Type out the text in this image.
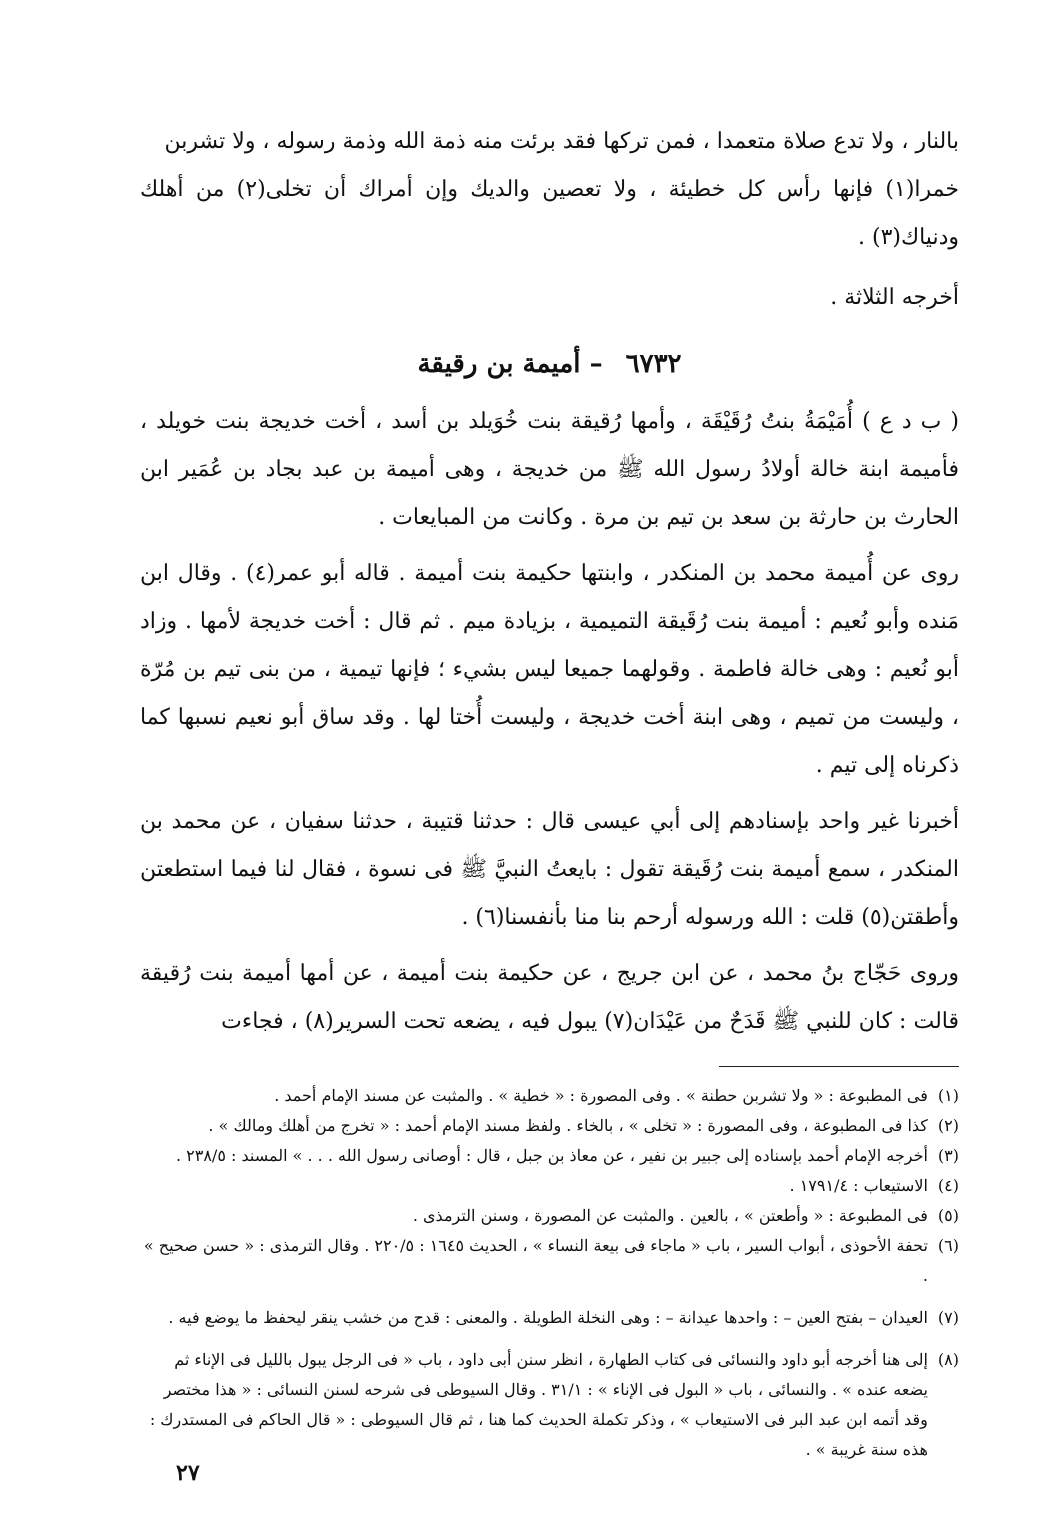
بالنار ، ولا تدع صلاة متعمدا ، فمن تركها فقد برئت منه ذمة الله وذمة رسوله ، ولا تشربن

خمرا(١) فإنها رأس كل خطيئة ، ولا تعصين والديك وإن أمراك أن تخلى(٢) من أهلك ودنياك(٣) .

أخرجه الثلاثة .

٦٧٣٢ – أميمة بن رقيقة

( ب د ع ) أُمَيْمَةُ بنتُ رُقَيْقَة ، وأمها رُقيقة بنت خُوَيلد بن أسد ، أخت خديجة بنت خويلد ، فأميمة ابنة خالة أولادُ رسول الله ﷺ من خديجة ، وهى أميمة بن عبد بجاد بن عُمَير ابن الحارث بن حارثة بن سعد بن تيم بن مرة . وكانت من المبايعات .

روى عن أُميمة محمد بن المنكدر ، وابنتها حكيمة بنت أميمة . قاله أبو عمر(٤) . وقال ابن مَنده وأبو نُعيم : أميمة بنت رُقَيقة التميمية ، بزيادة ميم . ثم قال : أخت خديجة لأمها . وزاد أبو نُعيم : وهى خالة فاطمة . وقولهما جميعا ليس بشيء ؛ فإنها تيمية ، من بنى تيم بن مُرّة ، وليست من تميم ، وهى ابنة أخت خديجة ، وليست أُختا لها . وقد ساق أبو نعيم نسبها كما ذكرناه إلى تيم .

أخبرنا غير واحد بإسنادهم إلى أبي عيسى قال : حدثنا قتيبة ، حدثنا سفيان ، عن محمد بن المنكدر ، سمع أميمة بنت رُقَيقة تقول : بايعتُ النبيَّ ﷺ فى نسوة ، فقال لنا فيما استطعتن وأطقتن(٥) قلت : الله ورسوله أرحم بنا منا بأنفسنا(٦) .

وروى حَجّاج بنُ محمد ، عن ابن جريج ، عن حكيمة بنت أميمة ، عن أمها أميمة بنت رُقيقة قالت : كان للنبي ﷺ قَدَحٌ من عَيْدَان(٧) يبول فيه ، يضعه تحت السرير(٨) ، فجاءت

(١)
فى المطبوعة : « ولا تشربن حطنة » . وفى المصورة : « خطية » . والمثبت عن مسند الإمام أحمد .
(٢)
كذا فى المطبوعة ، وفى المصورة : « تخلى » ، بالخاء . ولفظ مسند الإمام أحمد : « تخرج من أهلك ومالك » .
(٣)
أخرجه الإمام أحمد بإسناده إلى جبير بن نفير ، عن معاذ بن جبل ، قال : أوصانى رسول الله . . . » المسند : ٢٣٨/٥ .
(٤)
الاستيعاب : ١٧٩١/٤ .
(٥)
فى المطبوعة : « وأطعتن » ، بالعين . والمثبت عن المصورة ، وسنن الترمذى .
(٦)
تحفة الأحوذى ، أبواب السير ، باب « ماجاء فى بيعة النساء » ، الحديث ١٦٤٥ : ٢٢٠/٥ . وقال الترمذى : « حسن صحيح » .
(٧)
العيدان – بفتح العين – : واحدها عيدانة – : وهى النخلة الطويلة . والمعنى : قدح من خشب ينقر ليحفظ ما يوضع فيه .
(٨)
إلى هنا أخرجه أبو داود والنسائى فى كتاب الطهارة ، انظر سنن أبى داود ، باب « فى الرجل يبول بالليل فى الإناء ثم يضعه عنده » . والنسائى ، باب « البول فى الإناء » : ٣١/١ . وقال السيوطى فى شرحه لسنن النسائى : « هذا مختصر وقد أتمه ابن عبد البر فى الاستيعاب » ، وذكر تكملة الحديث كما هنا ، ثم قال السيوطى : « قال الحاكم فى المستدرك : هذه سنة غريبة » .
٢٧
